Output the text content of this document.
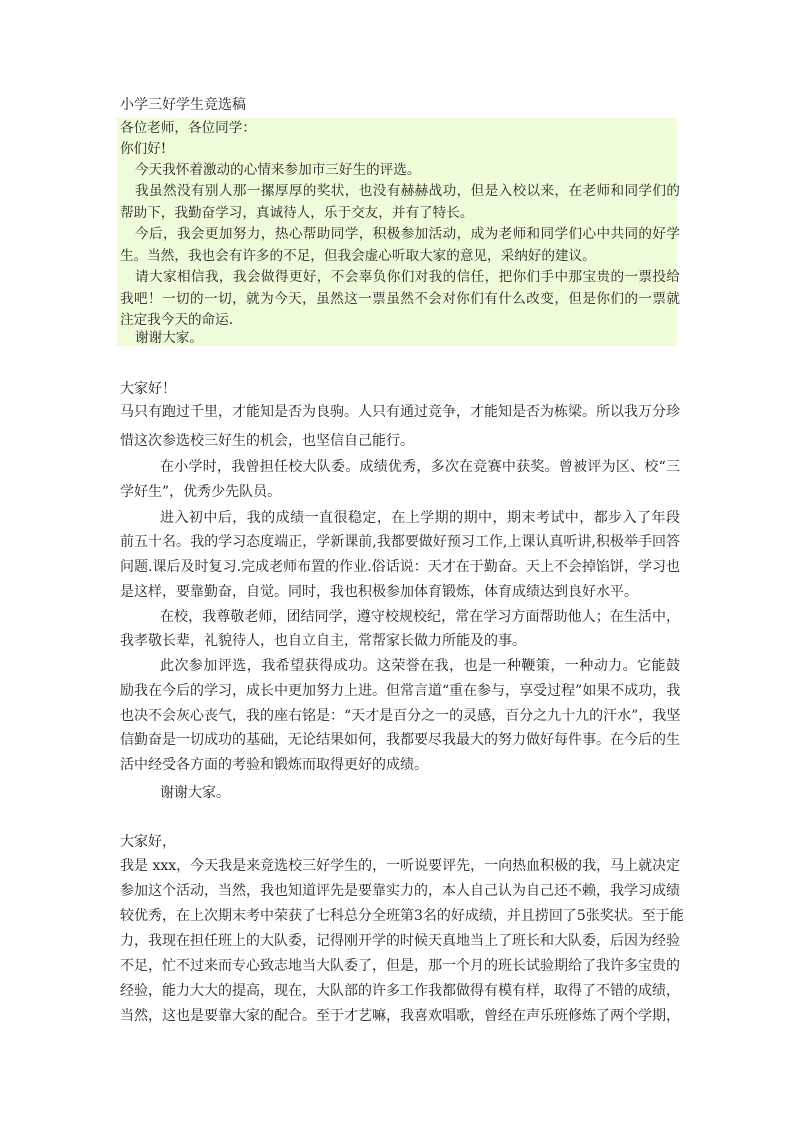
小学三好学生竞选稿
各位老师，各位同学：
你们好!
今天我怀着激动的心情来参加市三好生的评选。
我虽然没有别人那一摞厚厚的奖状，也没有赫赫战功，但是入校以来，在老师和同学们的
帮助下，我勤奋学习，真诚待人，乐于交友，并有了特长。
今后，我会更加努力，热心帮助同学，积极参加活动，成为老师和同学们心中共同的好学
生。当然，我也会有许多的不足，但我会虚心听取大家的意见，采纳好的建议。
请大家相信我，我会做得更好，不会辜负你们对我的信任，把你们手中那宝贵的一票投给
我吧！一切的一切，就为今天，虽然这一票虽然不会对你们有什么改变，但是你们的一票就
注定我今天的命运.
谢谢大家。
大家好！
马只有跑过千里，才能知是否为良驹。人只有通过竞争，才能知是否为栋梁。所以我万分珍
惜这次参选校三好生的机会，也坚信自己能行。
在小学时，我曾担任校大队委。成绩优秀，多次在竞赛中获奖。曾被评为区、校“三
学好生”，优秀少先队员。
进入初中后，我的成绩一直很稳定，在上学期的期中，期末考试中，都步入了年段
前五十名。我的学习态度端正，学新课前,我都要做好预习工作,上课认真听讲,积极举手回答
问题.课后及时复习.完成老师布置的作业.俗话说：天才在于勤奋。天上不会掉馅饼，学习也
是这样，要靠勤奋，自觉。同时，我也积极参加体育锻炼，体育成绩达到良好水平。
在校，我尊敬老师，团结同学，遵守校规校纪，常在学习方面帮助他人；在生活中，
我孝敬长辈，礼貌待人，也自立自主，常帮家长做力所能及的事。
此次参加评选，我希望获得成功。这荣誉在我，也是一种鞭策，一种动力。它能鼓
励我在今后的学习，成长中更加努力上进。但常言道“重在参与，享受过程”如果不成功，我
也决不会灰心丧气，我的座右铭是：“天才是百分之一的灵感，百分之九十九的汗水”，我坚
信勤奋是一切成功的基础，无论结果如何，我都要尽我最大的努力做好每件事。在今后的生
活中经受各方面的考验和锻炼而取得更好的成绩。
谢谢大家。
大家好，
我是 xxx，今天我是来竞选校三好学生的，一听说要评先，一向热血积极的我，马上就决定
参加这个活动，当然，我也知道评先是要靠实力的，本人自己认为自己还不赖，我学习成绩
较优秀，在上次期末考中荣获了七科总分全班第3名的好成绩，并且捞回了5张奖状。至于能
力，我现在担任班上的大队委，记得刚开学的时候天真地当上了班长和大队委，后因为经验
不足，忙不过来而专心致志地当大队委了，但是，那一个月的班长试验期给了我许多宝贵的
经验，能力大大的提高，现在，大队部的许多工作我都做得有模有样，取得了不错的成绩，
当然，这也是要靠大家的配合。至于才艺嘛，我喜欢唱歌，曾经在声乐班修炼了两个学期，
